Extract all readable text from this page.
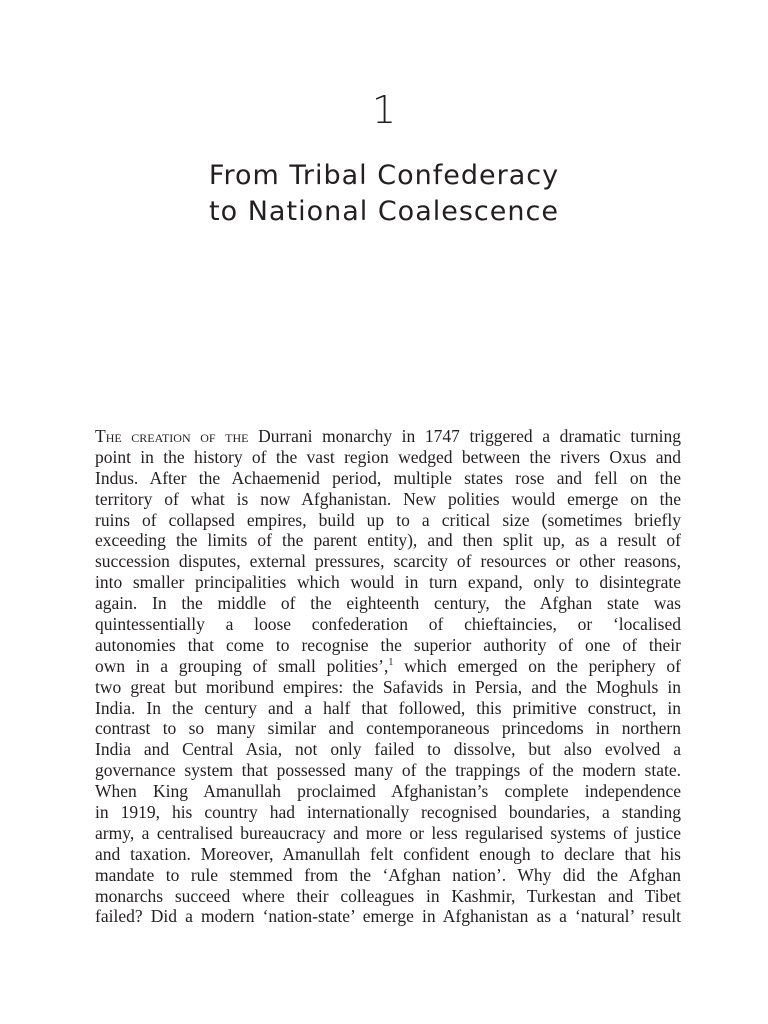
1
From Tribal Confederacy
to National Coalescence
The creation of the Durrani monarchy in 1747 triggered a dramatic turning
point in the history of the vast region wedged between the rivers Oxus and
Indus. After the Achaemenid period, multiple states rose and fell on the
territory of what is now Afghanistan. New polities would emerge on the
ruins of collapsed empires, build up to a critical size (sometimes briefly
exceeding the limits of the parent entity), and then split up, as a result of
succession disputes, external pressures, scarcity of resources or other reasons,
into smaller principalities which would in turn expand, only to disintegrate
again. In the middle of the eighteenth century, the Afghan state was
quintessentially a loose confederation of chieftaincies, or ‘localised
autonomies that come to recognise the superior authority of one of their
own in a grouping of small polities’,$^1$ which emerged on the periphery of
two great but moribund empires: the Safavids in Persia, and the Moghuls in
India. In the century and a half that followed, this primitive construct, in
contrast to so many similar and contemporaneous princedoms in northern
India and Central Asia, not only failed to dissolve, but also evolved a
governance system that possessed many of the trappings of the modern state.
When King Amanullah proclaimed Afghanistan’s complete independence
in 1919, his country had internationally recognised boundaries, a standing
army, a centralised bureaucracy and more or less regularised systems of justice
and taxation. Moreover, Amanullah felt confident enough to declare that his
mandate to rule stemmed from the ‘Afghan nation’. Why did the Afghan
monarchs succeed where their colleagues in Kashmir, Turkestan and Tibet
failed? Did a modern ‘nation-state’ emerge in Afghanistan as a ‘natural’ result
